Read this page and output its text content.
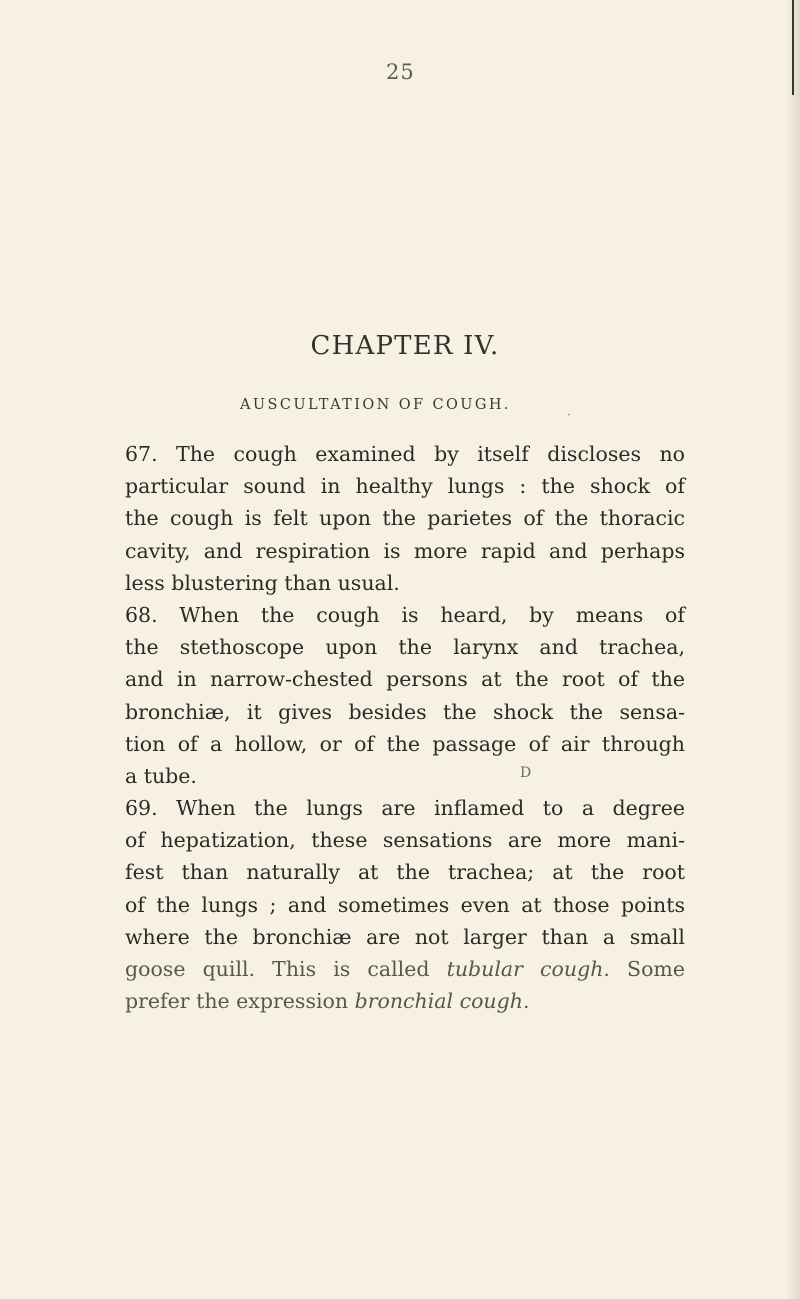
25
CHAPTER IV.
AUSCULTATION OF COUGH.	ˎ
67. The cough examined by itself discloses no
particular sound in healthy lungs : the shock of
the cough is felt upon the parietes of the thoracic
cavity, and respiration is more rapid and perhaps
less blustering than usual.
68. When the cough is heard, by means of
the stethoscope upon the larynx and trachea,
and in narrow-chested persons at the root of the
bronchiæ, it gives besides the shock the sensa-
tion of a hollow, or of the passage of air through
a tube.
69. When the lungs are inflamed to a degree
of hepatization, these sensations are more mani-
fest than naturally at the trachea; at the root
of the lungs ; and sometimes even at those points
where the bronchiæ are not larger than a small
goose quill. This is called tubular cough. Some
prefer the expression bronchial cough.
D
